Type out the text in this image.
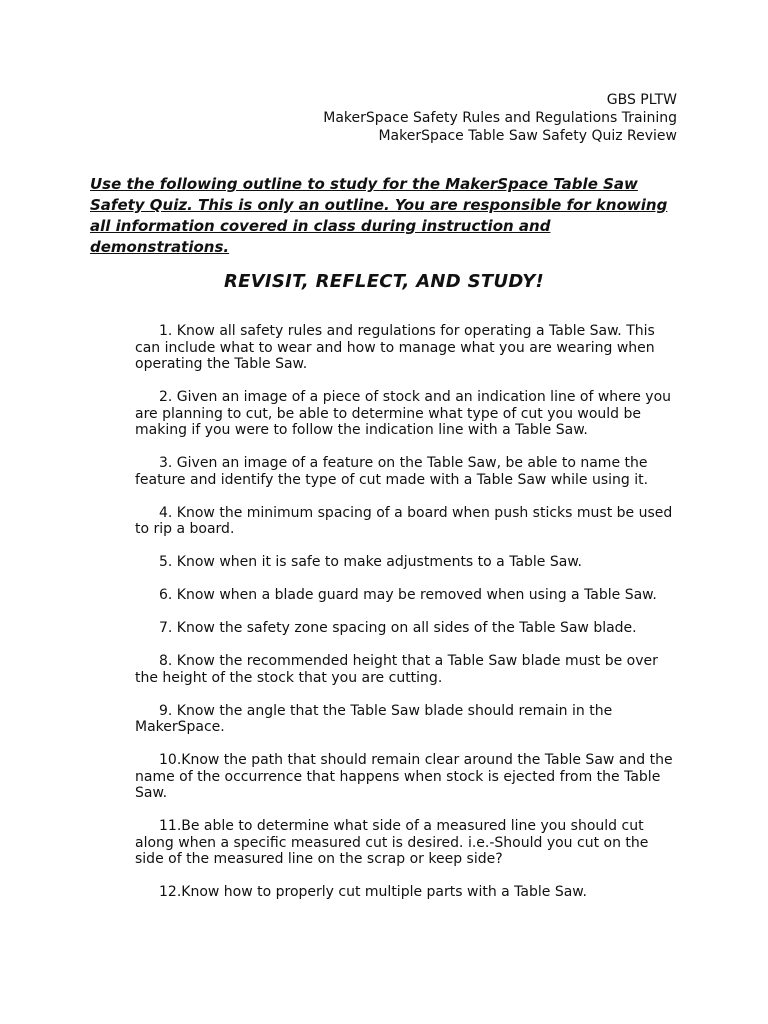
GBS PLTW
MakerSpace Safety Rules and Regulations Training
MakerSpace Table Saw Safety Quiz Review
Use the following outline to study for the MakerSpace Table Saw Safety Quiz. This is only an outline. You are responsible for knowing all information covered in class during instruction and demonstrations.
REVISIT, REFLECT, AND STUDY!
1. Know all safety rules and regulations for operating a Table Saw. This can include what to wear and how to manage what you are wearing when operating the Table Saw.
2. Given an image of a piece of stock and an indication line of where you are planning to cut, be able to determine what type of cut you would be making if you were to follow the indication line with a Table Saw.
3. Given an image of a feature on the Table Saw, be able to name the feature and identify the type of cut made with a Table Saw while using it.
4. Know the minimum spacing of a board when push sticks must be used to rip a board.
5. Know when it is safe to make adjustments to a Table Saw.
6. Know when a blade guard may be removed when using a Table Saw.
7. Know the safety zone spacing on all sides of the Table Saw blade.
8. Know the recommended height that a Table Saw blade must be over the height of the stock that you are cutting.
9. Know the angle that the Table Saw blade should remain in the MakerSpace.
10.Know the path that should remain clear around the Table Saw and the name of the occurrence that happens when stock is ejected from the Table Saw.
11.Be able to determine what side of a measured line you should cut along when a specific measured cut is desired. i.e.-Should you cut on the side of the measured line on the scrap or keep side?
12.Know how to properly cut multiple parts with a Table Saw.
